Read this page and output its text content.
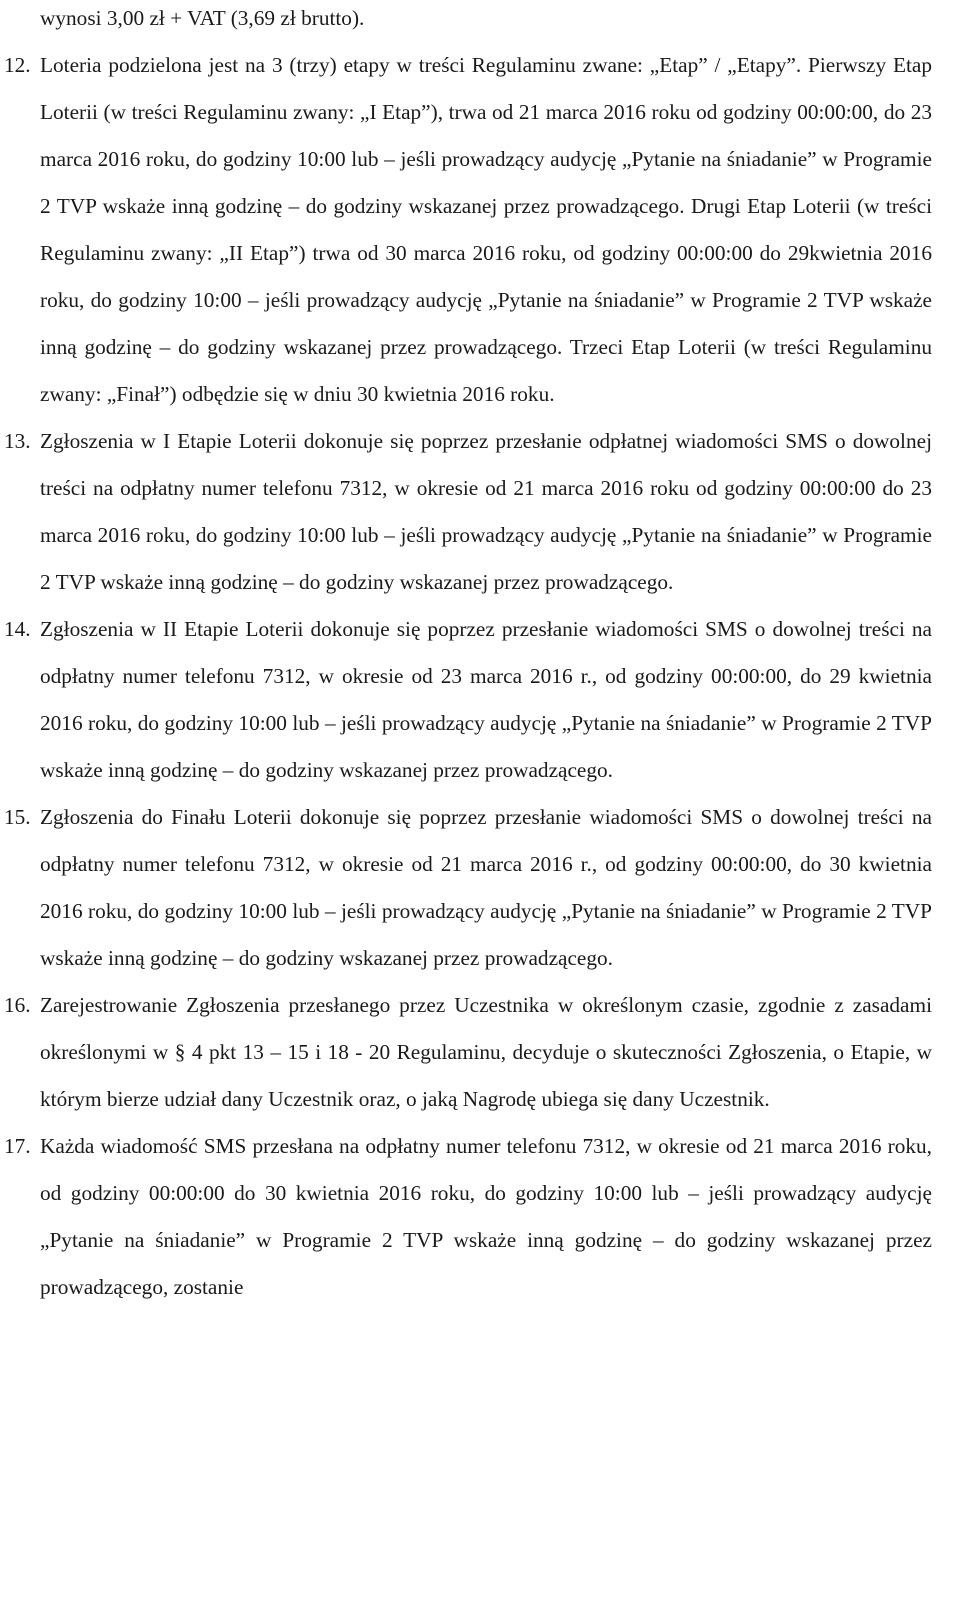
wynosi 3,00 zł + VAT (3,69 zł brutto).
12. Loteria podzielona jest na 3 (trzy) etapy w treści Regulaminu zwane: „Etap” / „Etapy”. Pierwszy Etap Loterii (w treści Regulaminu zwany: „I Etap”), trwa od 21 marca 2016 roku od godziny 00:00:00, do 23 marca 2016 roku, do godziny 10:00 lub – jeśli prowadzący audycję „Pytanie na śniadanie” w Programie 2 TVP wskaże inną godzinę – do godziny wskazanej przez prowadzącego. Drugi Etap Loterii (w treści Regulaminu zwany: „II Etap”) trwa od 30 marca 2016 roku, od godziny 00:00:00 do 29kwietnia 2016 roku, do godziny 10:00 – jeśli prowadzący audycję „Pytanie na śniadanie” w Programie 2 TVP wskaże inną godzinę – do godziny wskazanej przez prowadzącego. Trzeci Etap Loterii (w treści Regulaminu zwany: „Finał”) odbędzie się w dniu 30 kwietnia 2016 roku.
13. Zgłoszenia w I Etapie Loterii dokonuje się poprzez przesłanie odpłatnej wiadomości SMS o dowolnej treści na odpłatny numer telefonu 7312, w okresie od 21 marca 2016 roku od godziny 00:00:00 do 23 marca 2016 roku, do godziny 10:00 lub – jeśli prowadzący audycję „Pytanie na śniadanie” w Programie 2 TVP wskaże inną godzinę – do godziny wskazanej przez prowadzącego.
14. Zgłoszenia w II Etapie Loterii dokonuje się poprzez przesłanie wiadomości SMS o dowolnej treści na odpłatny numer telefonu 7312, w okresie od 23 marca 2016 r., od godziny 00:00:00, do 29 kwietnia 2016 roku, do godziny 10:00 lub – jeśli prowadzący audycję „Pytanie na śniadanie” w Programie 2 TVP wskaże inną godzinę – do godziny wskazanej przez prowadzącego.
15. Zgłoszenia do Finału Loterii dokonuje się poprzez przesłanie wiadomości SMS o dowolnej treści na odpłatny numer telefonu 7312, w okresie od 21 marca 2016 r., od godziny 00:00:00, do 30 kwietnia 2016 roku, do godziny 10:00 lub – jeśli prowadzący audycję „Pytanie na śniadanie” w Programie 2 TVP wskaże inną godzinę – do godziny wskazanej przez prowadzącego.
16. Zarejestrowanie Zgłoszenia przesłanego przez Uczestnika w określonym czasie, zgodnie z zasadami określonymi w § 4 pkt 13 – 15 i 18 - 20 Regulaminu, decyduje o skuteczności Zgłoszenia, o Etapie, w którym bierze udział dany Uczestnik oraz, o jaką Nagrodę ubiega się dany Uczestnik.
17. Każda wiadomość SMS przesłana na odpłatny numer telefonu 7312, w okresie od 21 marca 2016 roku, od godziny 00:00:00 do 30 kwietnia 2016 roku, do godziny 10:00 lub – jeśli prowadzący audycję „Pytanie na śniadanie” w Programie 2 TVP wskaże inną godzinę – do godziny wskazanej przez prowadzącego, zostanie
